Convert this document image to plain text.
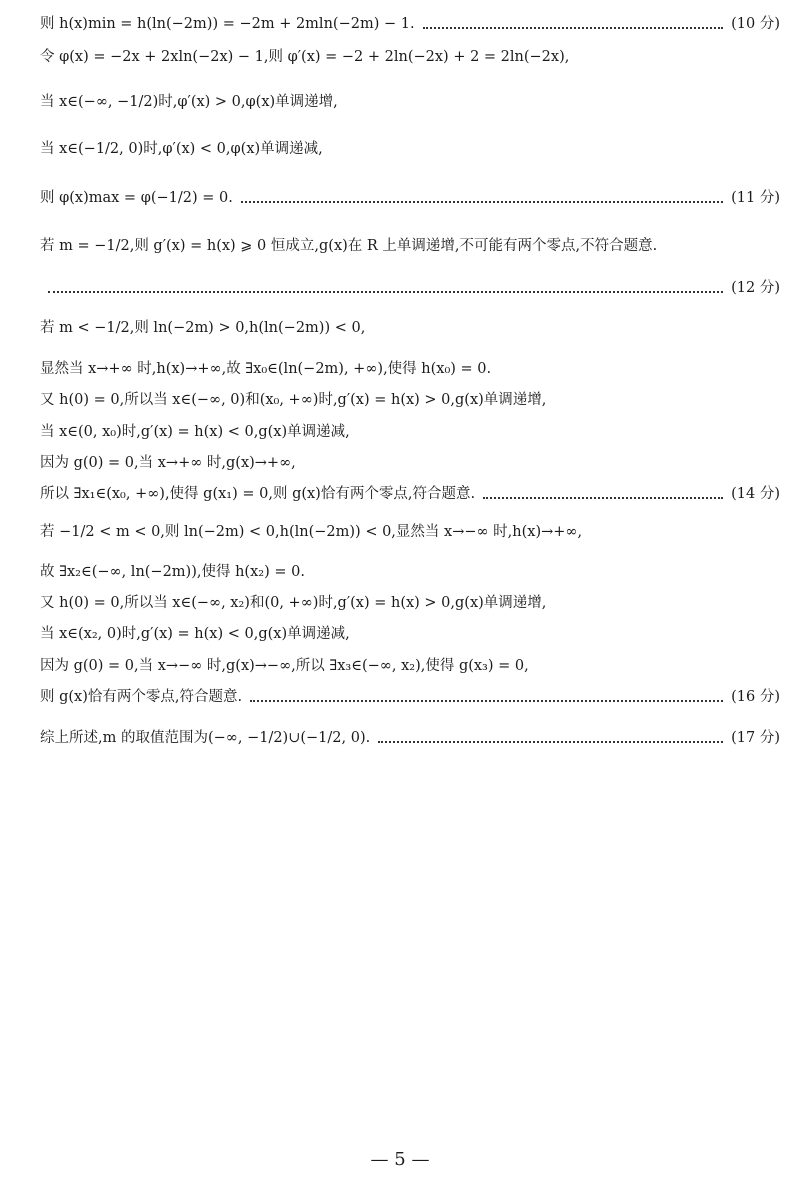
则 h(x)min = h(ln(−2m)) = −2m + 2mln(−2m) − 1.	(10 分)
令 φ(x) = −2x + 2xln(−2x) − 1,则 φ′(x) = −2 + 2ln(−2x) + 2 = 2ln(−2x),
当 x∈(−∞, −1/2)时,φ′(x) > 0,φ(x)单调递增,
当 x∈(−1/2, 0)时,φ′(x) < 0,φ(x)单调递减,
则 φ(x)max = φ(−1/2) = 0.	(11 分)
若 m = −1/2,则 g′(x) = h(x) ⩾ 0 恒成立,g(x)在 R 上单调递增,不可能有两个零点,不符合题意.
(12 分)
若 m < −1/2,则 ln(−2m) > 0,h(ln(−2m)) < 0,
显然当 x→+∞ 时,h(x)→+∞,故 ∃x₀∈(ln(−2m), +∞),使得 h(x₀) = 0.
又 h(0) = 0,所以当 x∈(−∞, 0)和(x₀, +∞)时,g′(x) = h(x) > 0,g(x)单调递增,
当 x∈(0, x₀)时,g′(x) = h(x) < 0,g(x)单调递减,
因为 g(0) = 0,当 x→+∞ 时,g(x)→+∞,
所以 ∃x₁∈(x₀, +∞),使得 g(x₁) = 0,则 g(x)恰有两个零点,符合题意.	(14 分)
若 −1/2 < m < 0,则 ln(−2m) < 0,h(ln(−2m)) < 0,显然当 x→−∞ 时,h(x)→+∞,
故 ∃x₂∈(−∞, ln(−2m)),使得 h(x₂) = 0.
又 h(0) = 0,所以当 x∈(−∞, x₂)和(0, +∞)时,g′(x) = h(x) > 0,g(x)单调递增,
当 x∈(x₂, 0)时,g′(x) = h(x) < 0,g(x)单调递减,
因为 g(0) = 0,当 x→−∞ 时,g(x)→−∞,所以 ∃x₃∈(−∞, x₂),使得 g(x₃) = 0,
则 g(x)恰有两个零点,符合题意.	(16 分)
综上所述,m 的取值范围为(−∞, −1/2)∪(−1/2, 0).	(17 分)
— 5 —
